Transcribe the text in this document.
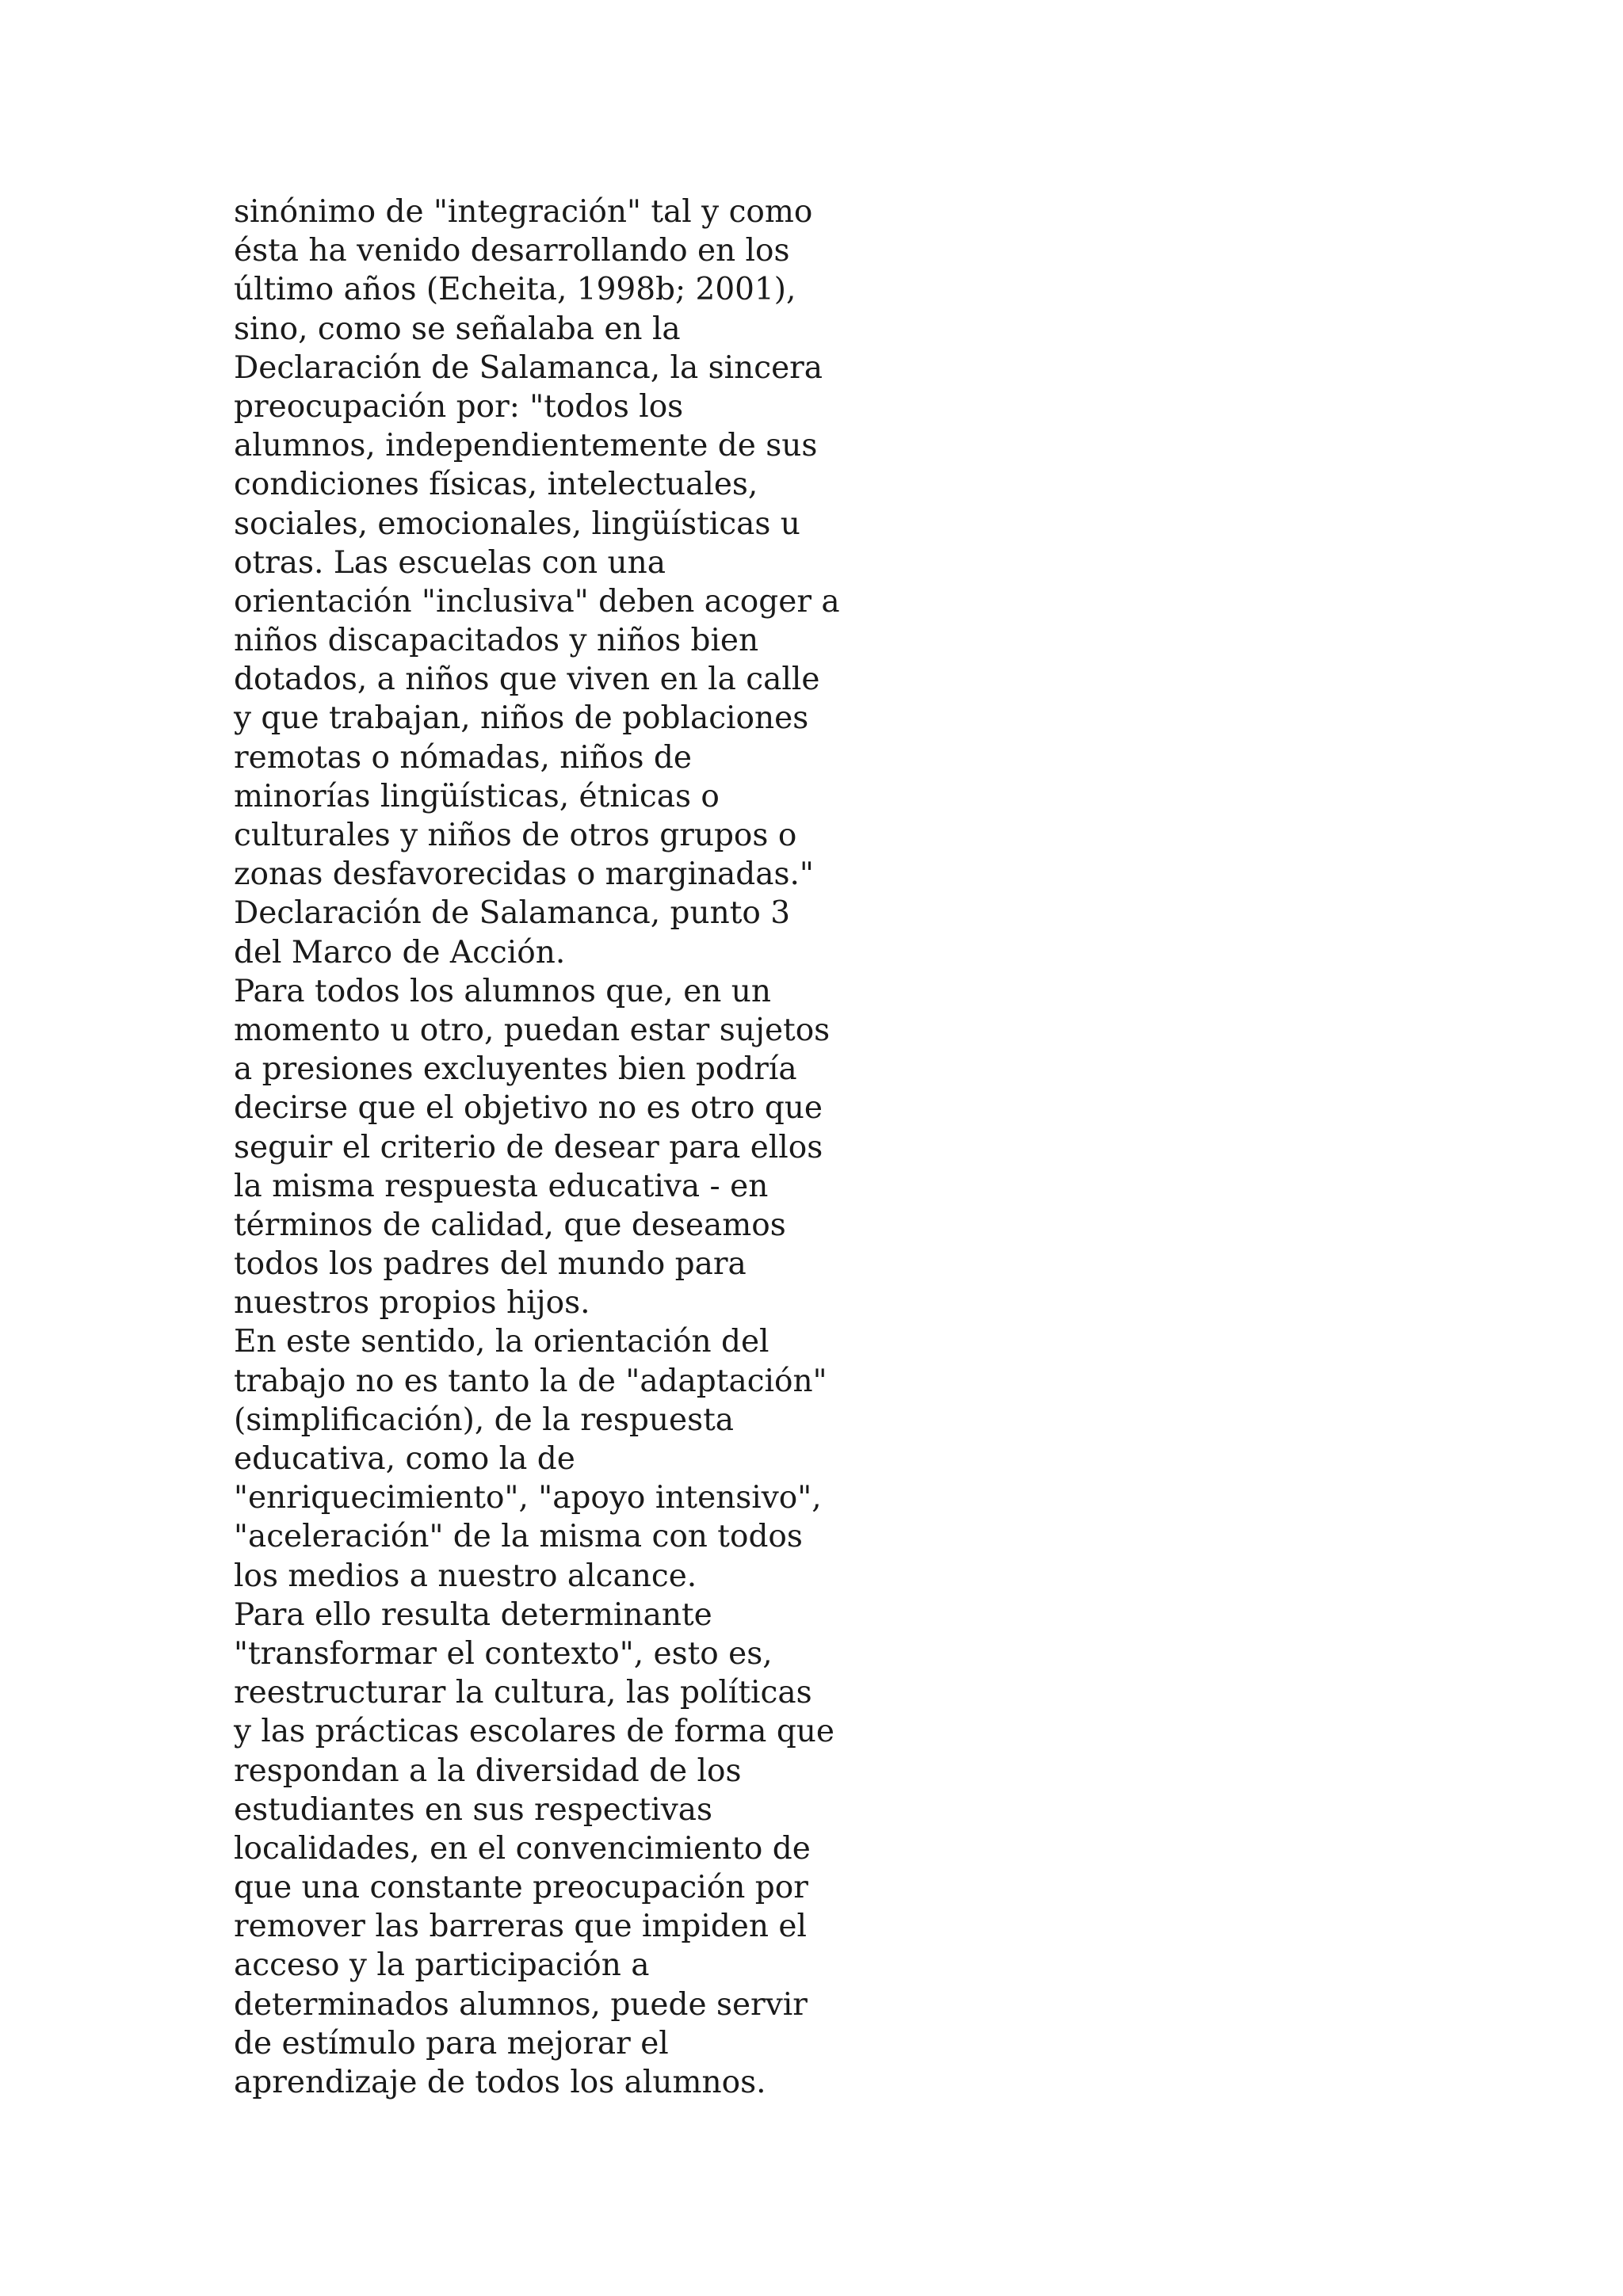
sinónimo de "integración" tal y como
ésta ha venido desarrollando en los
último años (Echeita, 1998b; 2001),
sino, como se señalaba en la
Declaración de Salamanca, la sincera
preocupación por: "todos los
alumnos, independientemente de sus
condiciones físicas, intelectuales,
sociales, emocionales, lingüísticas u
otras. Las escuelas con una
orientación "inclusiva" deben acoger a
niños discapacitados y niños bien
dotados, a niños que viven en la calle
y que trabajan, niños de poblaciones
remotas o nómadas, niños de
minorías lingüísticas, étnicas o
culturales y niños de otros grupos o
zonas desfavorecidas o marginadas."
Declaración de Salamanca, punto 3
del Marco de Acción.
Para todos los alumnos que, en un
momento u otro, puedan estar sujetos
a presiones excluyentes bien podría
decirse que el objetivo no es otro que
seguir el criterio de desear para ellos
la misma respuesta educativa - en
términos de calidad, que deseamos
todos los padres del mundo para
nuestros propios hijos.
En este sentido, la orientación del
trabajo no es tanto la de "adaptación"
(simplificación), de la respuesta
educativa, como la de
"enriquecimiento", "apoyo intensivo",
"aceleración" de la misma con todos
los medios a nuestro alcance.
Para ello resulta determinante
"transformar el contexto", esto es,
reestructurar la cultura, las políticas
y las prácticas escolares de forma que
respondan a la diversidad de los
estudiantes en sus respectivas
localidades, en el convencimiento de
que una constante preocupación por
remover las barreras que impiden el
acceso y la participación a
determinados alumnos, puede servir
de estímulo para mejorar el
aprendizaje de todos los alumnos.
